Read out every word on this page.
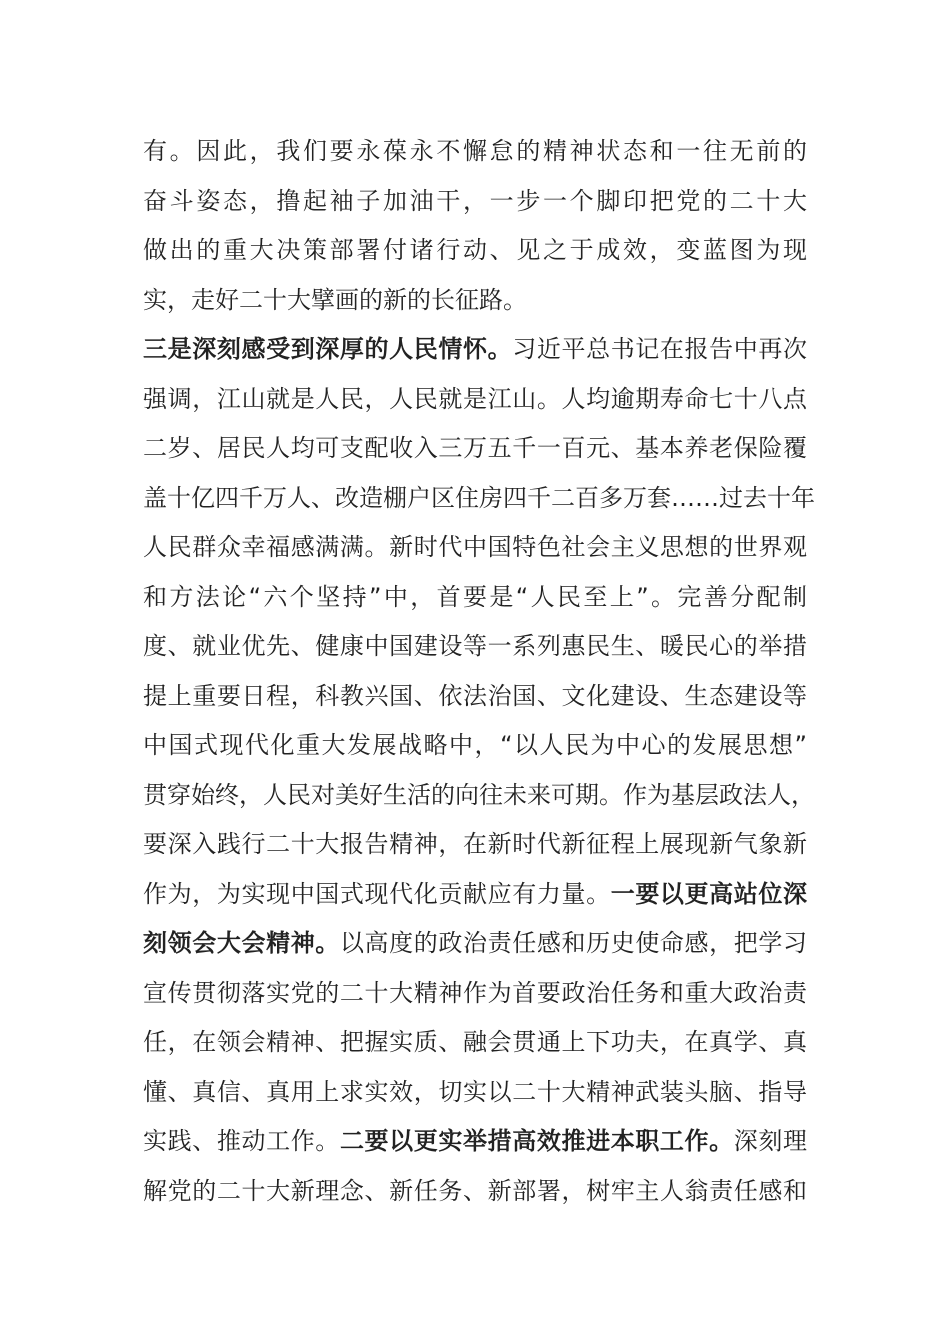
有。因此，我们要永葆永不懈怠的精神状态和一往无前的
奋斗姿态，撸起袖子加油干，一步一个脚印把党的二十大
做出的重大决策部署付诸行动、见之于成效，变蓝图为现
实，走好二十大擘画的新的长征路。
三是深刻感受到深厚的人民情怀。习近平总书记在报告中再次
强调，江山就是人民，人民就是江山。人均逾期寿命七十八点
二岁、居民人均可支配收入三万五千一百元、基本养老保险覆
盖十亿四千万人、改造棚户区住房四千二百多万套……过去十年
人民群众幸福感满满。新时代中国特色社会主义思想的世界观
和方法论“六个坚持”中，首要是“人民至上”。完善分配制
度、就业优先、健康中国建设等一系列惠民生、暖民心的举措
提上重要日程，科教兴国、依法治国、文化建设、生态建设等
中国式现代化重大发展战略中，“以人民为中心的发展思想”
贯穿始终，人民对美好生活的向往未来可期。作为基层政法人，
要深入践行二十大报告精神，在新时代新征程上展现新气象新
作为，为实现中国式现代化贡献应有力量。一要以更高站位深
刻领会大会精神。以高度的政治责任感和历史使命感，把学习
宣传贯彻落实党的二十大精神作为首要政治任务和重大政治责
任，在领会精神、把握实质、融会贯通上下功夫，在真学、真
懂、真信、真用上求实效，切实以二十大精神武装头脑、指导
实践、推动工作。二要以更实举措高效推进本职工作。深刻理
解党的二十大新理念、新任务、新部署，树牢主人翁责任感和
